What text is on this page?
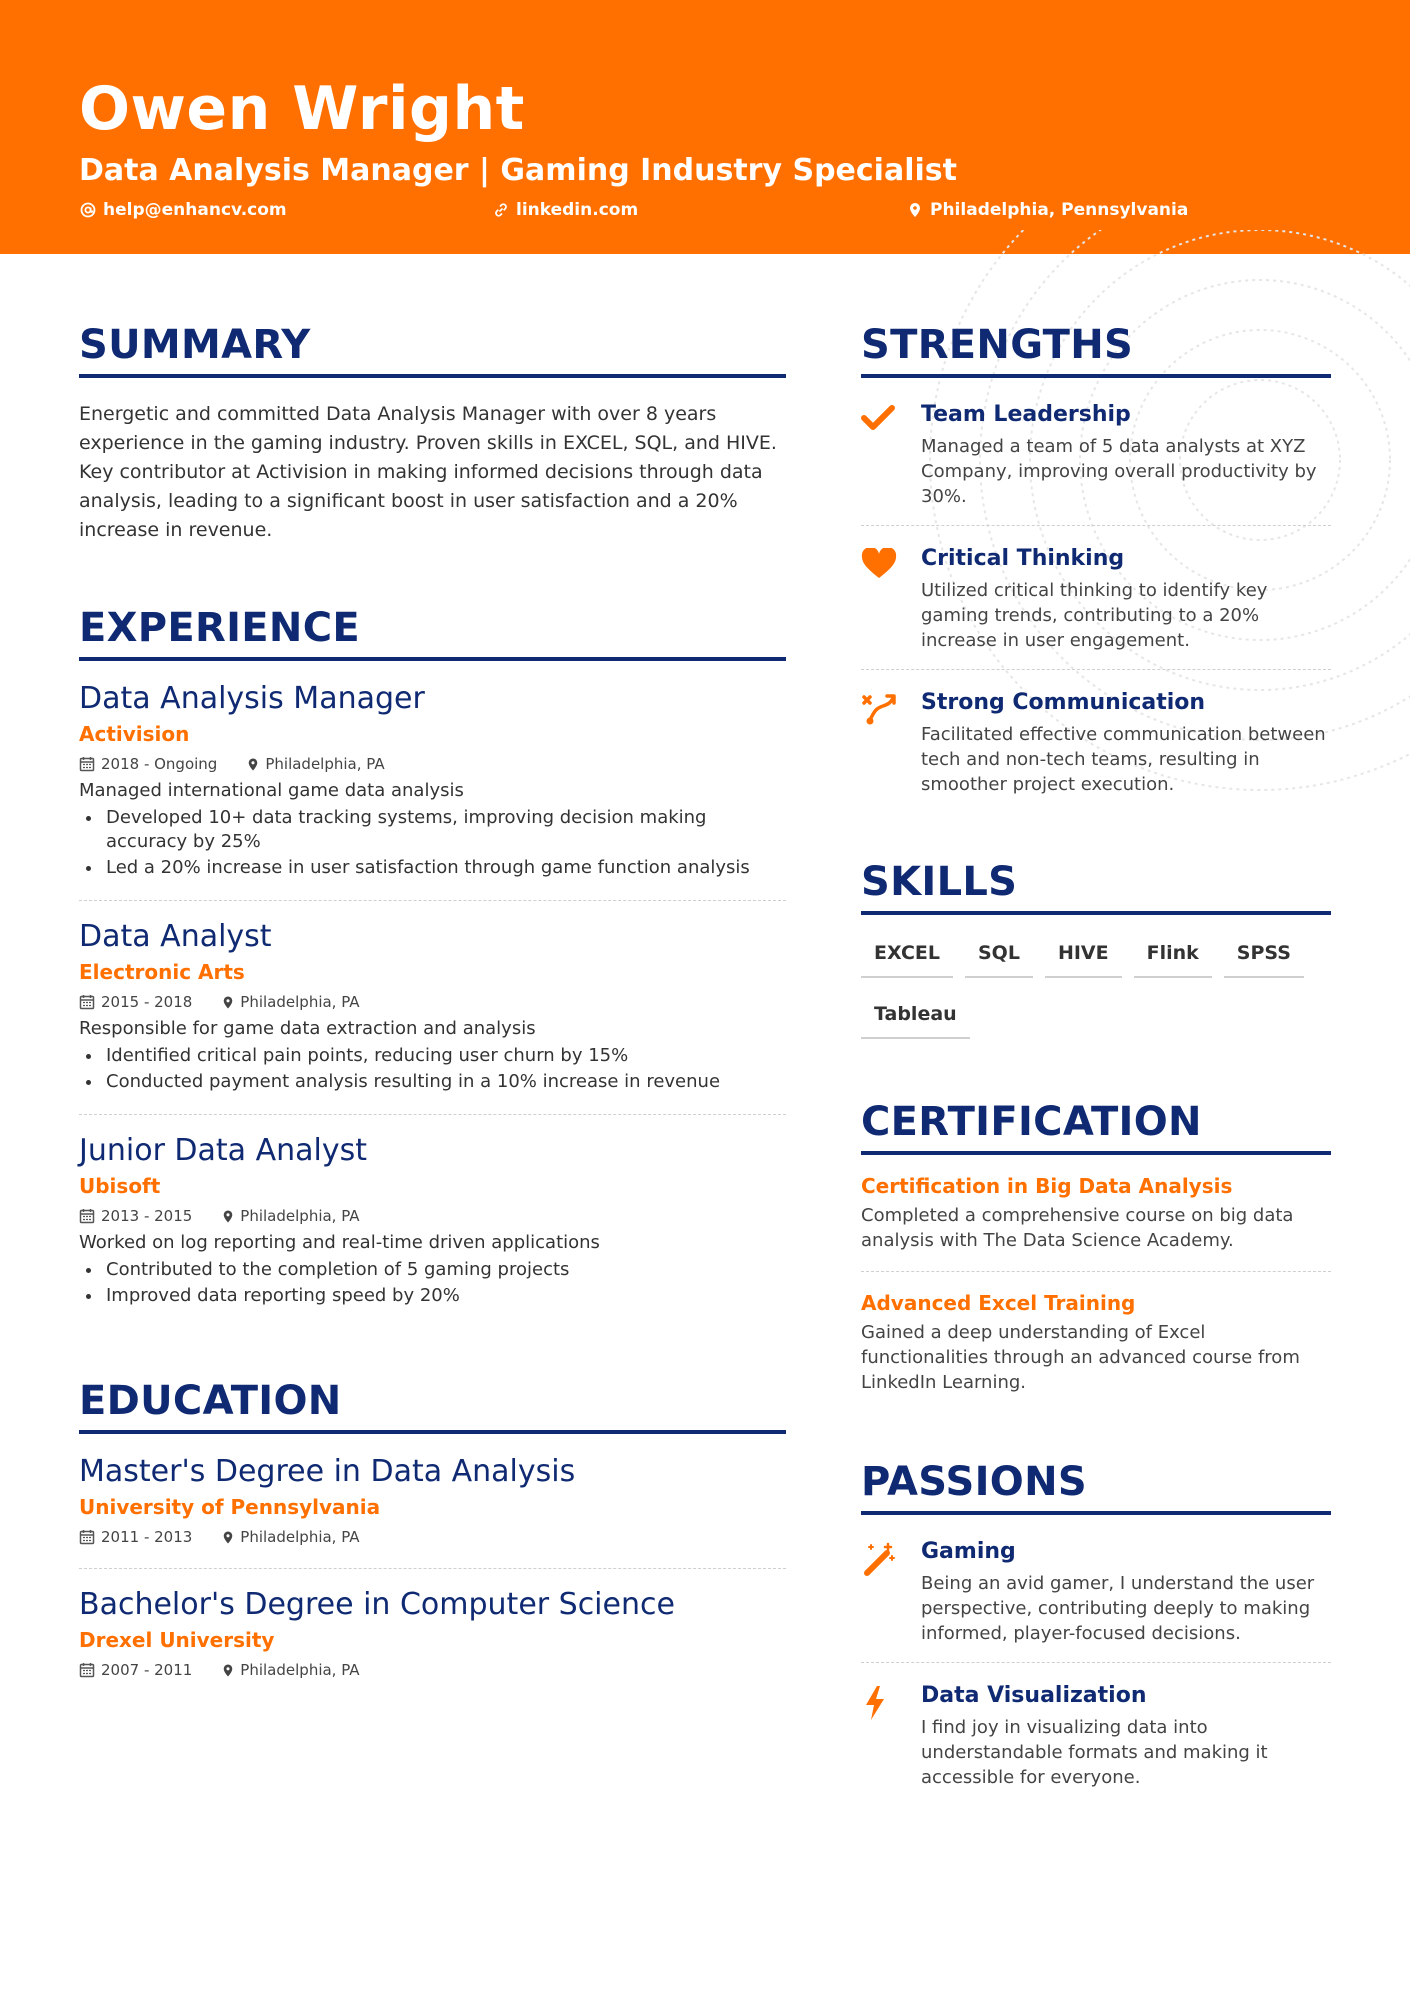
Owen Wright
Data Analysis Manager | Gaming Industry Specialist
help@enhancv.com	linkedin.com	Philadelphia, Pennsylvania
SUMMARY

Energetic and committed Data Analysis Manager with over 8 years experience in the gaming industry. Proven skills in EXCEL, SQL, and HIVE. Key contributor at Activision in making informed decisions through data analysis, leading to a significant boost in user satisfaction and a 20% increase in revenue.

EXPERIENCE
Data Analysis Manager
Activision
2018 - Ongoing	Philadelphia, PA
Managed international game data analysis
Developed 10+ data tracking systems, improving decision making accuracy by 25%
Led a 20% increase in user satisfaction through game function analysis
Data Analyst
Electronic Arts
2015 - 2018	Philadelphia, PA
Responsible for game data extraction and analysis
Identified critical pain points, reducing user churn by 15%
Conducted payment analysis resulting in a 10% increase in revenue
Junior Data Analyst
Ubisoft
2013 - 2015	Philadelphia, PA
Worked on log reporting and real-time driven applications
Contributed to the completion of 5 gaming projects
Improved data reporting speed by 20%
EDUCATION
Master's Degree in Data Analysis
University of Pennsylvania
2011 - 2013	Philadelphia, PA
Bachelor's Degree in Computer Science
Drexel University
2007 - 2011	Philadelphia, PA
STRENGTHS
Team Leadership
Managed a team of 5 data analysts at XYZ Company, improving overall productivity by 30%.
Critical Thinking
Utilized critical thinking to identify key gaming trends, contributing to a 20% increase in user engagement.
Strong Communication
Facilitated effective communication between tech and non-tech teams, resulting in smoother project execution.
SKILLS
EXCEL	SQL	HIVE	Flink	SPSS
Tableau
CERTIFICATION
Certification in Big Data Analysis
Completed a comprehensive course on big data analysis with The Data Science Academy.
Advanced Excel Training
Gained a deep understanding of Excel functionalities through an advanced course from LinkedIn Learning.
PASSIONS
Gaming
Being an avid gamer, I understand the user perspective, contributing deeply to making informed, player-focused decisions.
Data Visualization
I find joy in visualizing data into understandable formats and making it accessible for everyone.
